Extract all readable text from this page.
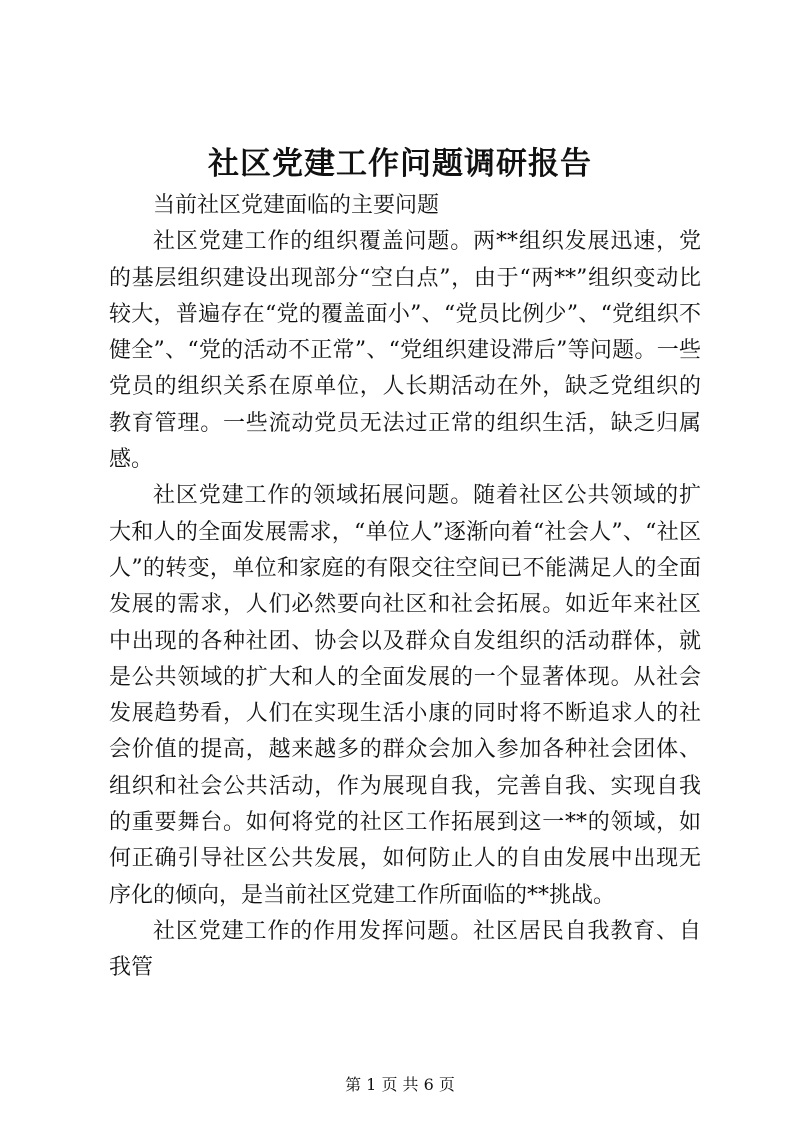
社区党建工作问题调研报告

当前社区党建面临的主要问题

社区党建工作的组织覆盖问题。两**组织发展迅速，党的基层组织建设出现部分“空白点”，由于“两**”组织变动比较大，普遍存在“党的覆盖面小”、“党员比例少”、“党组织不健全”、“党的活动不正常”、“党组织建设滞后”等问题。一些党员的组织关系在原单位，人长期活动在外，缺乏党组织的教育管理。一些流动党员无法过正常的组织生活，缺乏归属感。

社区党建工作的领域拓展问题。随着社区公共领域的扩大和人的全面发展需求，“单位人”逐渐向着“社会人”、“社区人”的转变，单位和家庭的有限交往空间已不能满足人的全面发展的需求，人们必然要向社区和社会拓展。如近年来社区中出现的各种社团、协会以及群众自发组织的活动群体，就是公共领域的扩大和人的全面发展的一个显著体现。从社会发展趋势看，人们在实现生活小康的同时将不断追求人的社会价值的提高，越来越多的群众会加入参加各种社会团体、组织和社会公共活动，作为展现自我，完善自我、实现自我的重要舞台。如何将党的社区工作拓展到这一**的领域，如何正确引导社区公共发展，如何防止人的自由发展中出现无序化的倾向，是当前社区党建工作所面临的**挑战。

社区党建工作的作用发挥问题。社区居民自我教育、自我管

第 1 页 共 6 页
